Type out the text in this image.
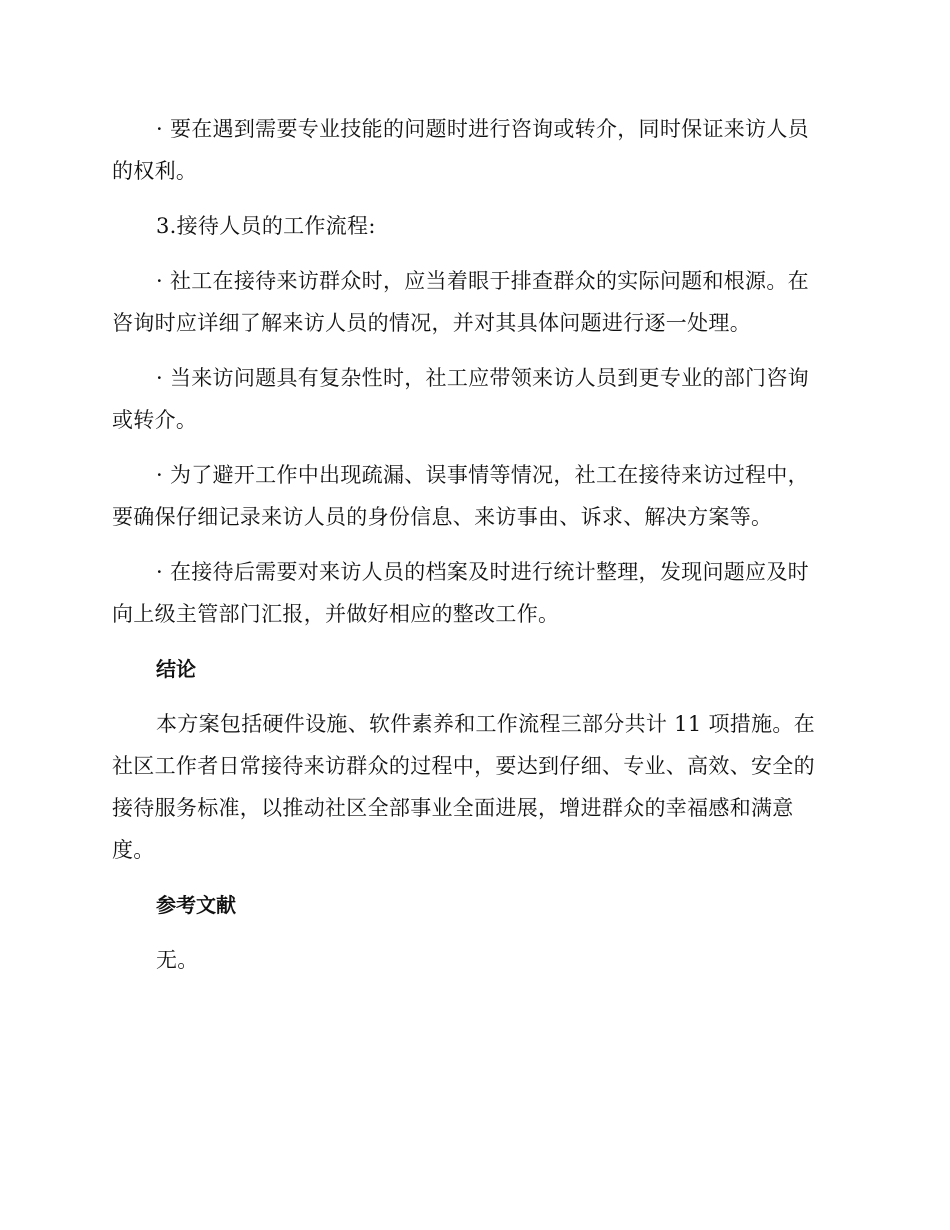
· 要在遇到需要专业技能的问题时进行咨询或转介，同时保证来访人员的权利。

3.接待人员的工作流程:

· 社工在接待来访群众时，应当着眼于排查群众的实际问题和根源。在咨询时应详细了解来访人员的情况，并对其具体问题进行逐一处理。

· 当来访问题具有复杂性时，社工应带领来访人员到更专业的部门咨询或转介。

· 为了避开工作中出现疏漏、误事情等情况，社工在接待来访过程中，要确保仔细记录来访人员的身份信息、来访事由、诉求、解决方案等。

· 在接待后需要对来访人员的档案及时进行统计整理，发现问题应及时向上级主管部门汇报，并做好相应的整改工作。

结论

本方案包括硬件设施、软件素养和工作流程三部分共计 11 项措施。在社区工作者日常接待来访群众的过程中，要达到仔细、专业、高效、安全的接待服务标准，以推动社区全部事业全面进展，增进群众的幸福感和满意度。

参考文献

无。
